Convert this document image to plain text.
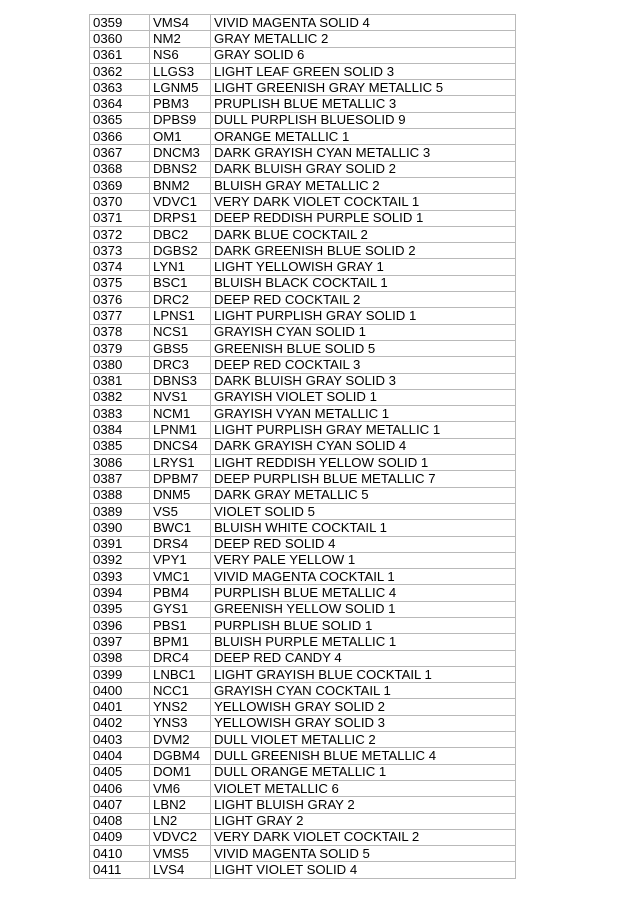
0359	VMS4	VIVID MAGENTA SOLID 4
0360	NM2	GRAY METALLIC 2
0361	NS6	GRAY SOLID 6
0362	LLGS3	LIGHT LEAF GREEN SOLID 3
0363	LGNM5	LIGHT GREENISH GRAY METALLIC 5
0364	PBM3	PRUPLISH BLUE METALLIC 3
0365	DPBS9	DULL PURPLISH BLUESOLID 9
0366	OM1	ORANGE METALLIC 1
0367	DNCM3	DARK GRAYISH CYAN METALLIC 3
0368	DBNS2	DARK BLUISH GRAY SOLID 2
0369	BNM2	BLUISH GRAY METALLIC 2
0370	VDVC1	VERY DARK VIOLET COCKTAIL 1
0371	DRPS1	DEEP REDDISH PURPLE SOLID 1
0372	DBC2	DARK BLUE COCKTAIL 2
0373	DGBS2	DARK GREENISH BLUE SOLID 2
0374	LYN1	LIGHT YELLOWISH GRAY 1
0375	BSC1	BLUISH BLACK COCKTAIL 1
0376	DRC2	DEEP RED COCKTAIL 2
0377	LPNS1	LIGHT PURPLISH GRAY SOLID 1
0378	NCS1	GRAYISH CYAN SOLID 1
0379	GBS5	GREENISH BLUE SOLID 5
0380	DRC3	DEEP RED COCKTAIL 3
0381	DBNS3	DARK BLUISH GRAY SOLID 3
0382	NVS1	GRAYISH VIOLET SOLID 1
0383	NCM1	GRAYISH VYAN METALLIC 1
0384	LPNM1	LIGHT PURPLISH GRAY METALLIC 1
0385	DNCS4	DARK GRAYISH CYAN SOLID 4
3086	LRYS1	LIGHT REDDISH YELLOW SOLID 1
0387	DPBM7	DEEP PURPLISH BLUE METALLIC 7
0388	DNM5	DARK GRAY METALLIC 5
0389	VS5	VIOLET SOLID 5
0390	BWC1	BLUISH WHITE COCKTAIL 1
0391	DRS4	DEEP RED SOLID 4
0392	VPY1	VERY PALE YELLOW 1
0393	VMC1	VIVID MAGENTA COCKTAIL 1
0394	PBM4	PURPLISH BLUE METALLIC 4
0395	GYS1	GREENISH YELLOW SOLID 1
0396	PBS1	PURPLISH BLUE SOLID 1
0397	BPM1	BLUISH PURPLE METALLIC 1
0398	DRC4	DEEP RED CANDY 4
0399	LNBC1	LIGHT GRAYISH BLUE COCKTAIL 1
0400	NCC1	GRAYISH CYAN COCKTAIL 1
0401	YNS2	YELLOWISH GRAY SOLID 2
0402	YNS3	YELLOWISH GRAY SOLID 3
0403	DVM2	DULL VIOLET METALLIC 2
0404	DGBM4	DULL GREENISH BLUE METALLIC 4
0405	DOM1	DULL ORANGE METALLIC 1
0406	VM6	VIOLET METALLIC 6
0407	LBN2	LIGHT BLUISH GRAY 2
0408	LN2	LIGHT GRAY 2
0409	VDVC2	VERY DARK VIOLET COCKTAIL 2
0410	VMS5	VIVID MAGENTA SOLID 5
0411	LVS4	LIGHT VIOLET SOLID 4
